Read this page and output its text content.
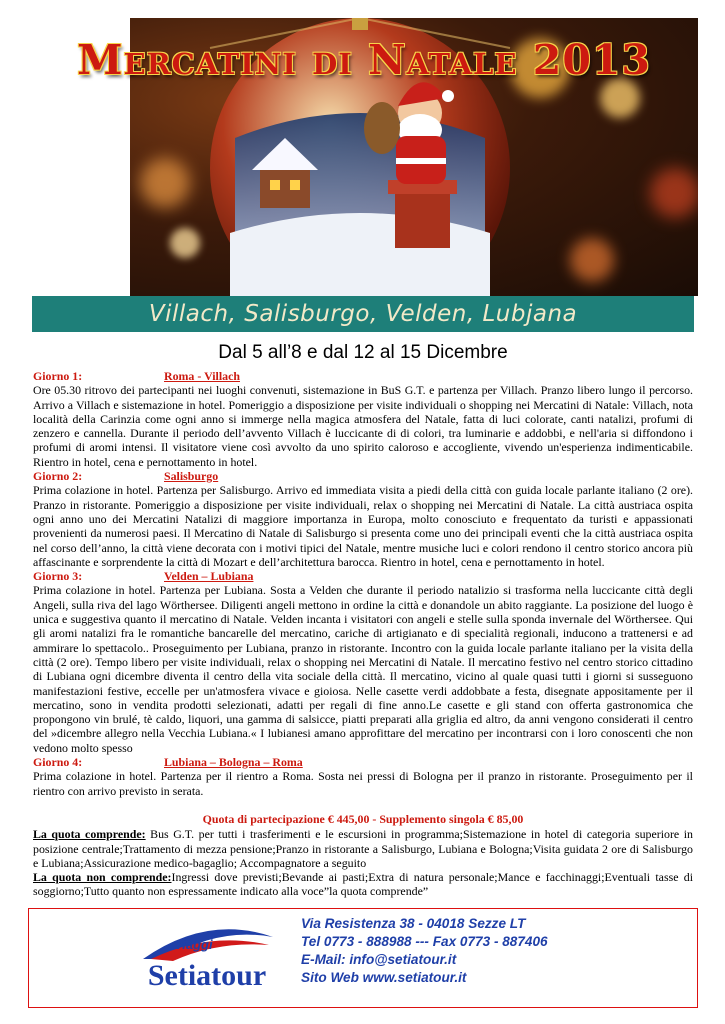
Mercatini di Natale 2013
Villach, Salisburgo, Velden, Lubjana
Dal 5 all’8 e dal 12 al 15 Dicembre

Giorno 1:	Roma - Villach

Ore 05.30 ritrovo dei partecipanti nei luoghi convenuti, sistemazione in BuS G.T. e partenza per Villach. Pranzo libero lungo il percorso. Arrivo a Villach e sistemazione in hotel. Pomeriggio a disposizione per visite individuali o shopping nei Mercatini di Natale: Villach, nota località della Carinzia come ogni anno si immerge nella magica atmosfera del Natale, fatta di luci colorate, canti natalizi, profumi di zenzero e cannella. Durante il periodo dell’avvento Villach è luccicante di di colori, tra luminarie e addobbi, e nell'aria si diffondono i profumi di aromi intensi. Il visitatore viene così avvolto da uno spirito caloroso e accogliente, vivendo un'esperienza indimenticabile. Rientro in hotel, cena e pernottamento in hotel.

Giorno 2:	Salisburgo

Prima colazione in hotel. Partenza per Salisburgo. Arrivo ed immediata visita a piedi della città con guida locale parlante italiano (2 ore). Pranzo in ristorante. Pomeriggio a disposizione per visite individuali, relax o shopping nei Mercatini di Natale. La città austriaca ospita ogni anno uno dei Mercatini Natalizi di maggiore importanza in Europa, molto conosciuto e frequentato da turisti e appassionati provenienti da numerosi paesi. Il Mercatino di Natale di Salisburgo si presenta come uno dei principali eventi che la città austriaca ospita nel corso dell’anno, la città viene decorata con i motivi tipici del Natale, mentre musiche luci e colori rendono il centro storico ancora più affascinante e sorprendente la città di Mozart e dell’architettura barocca. Rientro in hotel, cena e pernottamento in hotel.

Giorno 3:	Velden – Lubiana

Prima colazione in hotel. Partenza per Lubiana. Sosta a Velden che durante il periodo natalizio si trasforma nella luccicante città degli Angeli, sulla riva del lago Wörthersee. Diligenti angeli mettono in ordine la città e donandole un abito raggiante. La posizione del luogo è unica e suggestiva quanto il mercatino di Natale. Velden incanta i visitatori con angeli e stelle sulla sponda invernale del Wörthersee. Qui gli aromi natalizi fra le romantiche bancarelle del mercatino, cariche di artigianato e di specialità regionali, inducono a trattenersi e ad ammirare lo spettacolo.. Proseguimento per Lubiana, pranzo in ristorante. Incontro con la guida locale parlante italiano per la visita della città (2 ore). Tempo libero per visite individuali, relax o shopping nei Mercatini di Natale. Il mercatino festivo nel centro storico cittadino di Lubiana ogni dicembre diventa il centro della vita sociale della città. Il mercatino, vicino al quale quasi tutti i giorni si susseguono manifestazioni festive, eccelle per un'atmosfera vivace e gioiosa. Nelle casette verdi addobbate a festa, disegnate appositamente per il mercatino, sono in vendita prodotti selezionati, adatti per regali di fine anno.Le casette e gli stand con offerta gastronomica che propongono vin brulé, tè caldo, liquori, una gamma di salsicce, piatti preparati alla griglia ed altro, da anni vengono considerati il centro del »dicembre allegro nella Vecchia Lubiana.« I lubianesi amano approfittare del mercatino per incontrarsi con i loro conoscenti che non vedono molto spesso

Giorno 4:	Lubiana – Bologna – Roma

Prima colazione in hotel. Partenza per il rientro a Roma. Sosta nei pressi di Bologna per il pranzo in ristorante. Proseguimento per il rientro con arrivo previsto in serata.

Quota di partecipazione € 445,00 - Supplemento singola € 85,00

La quota comprende: Bus G.T. per tutti i trasferimenti e le escursioni in programma;Sistemazione in hotel di categoria superiore in posizione centrale;Trattamento di mezza pensione;Pranzo in ristorante a Salisburgo, Lubiana e Bologna;Visita guidata 2 ore di Salisburgo e Lubiana;Assicurazione medico-bagaglio; Accompagnatore a seguito

La quota non comprende:Ingressi dove previsti;Bevande ai pasti;Extra di natura personale;Mance e facchinaggi;Eventuali tasse di soggiorno;Tutto quanto non espressamente indicato alla voce”la quota comprende”

viaggi
Setiatour
Via Resistenza 38 - 04018 Sezze LT
Tel 0773 - 888988 --- Fax 0773 - 887406
E-Mail: info@setiatour.it
Sito Web www.setiatour.it
